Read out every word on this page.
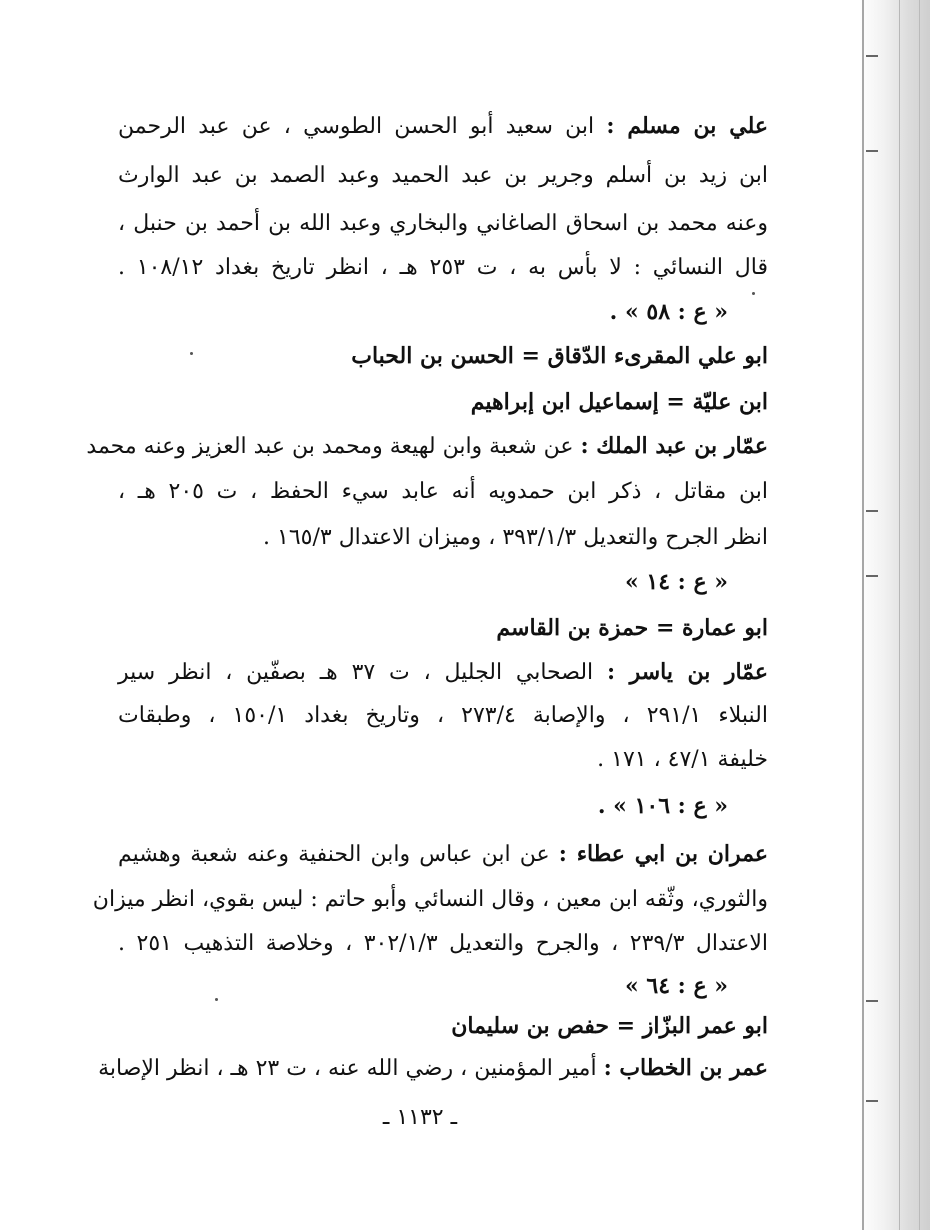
علي بن مسلم : ابن سعيد أبو الحسن الطوسي ، عن عبد الرحمن
ابن زيد بن أسلم وجرير بن عبد الحميد وعبد الصمد بن عبد الوارث
وعنه محمد بن اسحاق الصاغاني والبخاري وعبد الله بن أحمد بن حنبل ،
قال النسائي : لا بأس به ، ت ٢٥٣ هـ ، انظر تاريخ بغداد ١٠٨/١٢ .
« ع : ٥٨ » .
ابو علي المقرىء الدّقاق = الحسن بن الحباب
ابن عليّة = إسماعيل ابن إبراهيم
عمّار بن عبد الملك : عن شعبة وابن لهيعة ومحمد بن عبد العزيز وعنه محمد
ابن مقاتل ، ذكر ابن حمدويه أنه عابد سيء الحفظ ، ت ٢٠٥ هـ ،
انظر الجرح والتعديل ٣٩٣/١/٣ ، وميزان الاعتدال ١٦٥/٣ .
« ع : ١٤ »
ابو عمارة = حمزة بن القاسم
عمّار بن ياسر : الصحابي الجليل ، ت ٣٧ هـ بصفّين ، انظر سير
النبلاء ٢٩١/١ ، والإصابة ٢٧٣/٤ ، وتاريخ بغداد ١٥٠/١ ، وطبقات
خليفة ٤٧/١ ، ١٧١ .
« ع : ١٠٦ » .
عمران بن ابي عطاء : عن ابن عباس وابن الحنفية وعنه شعبة وهشيم
والثوري، وثّقه ابن معين ، وقال النسائي وأبو حاتم : ليس بقوي، انظر ميزان
الاعتدال ٢٣٩/٣ ، والجرح والتعديل ٣٠٢/١/٣ ، وخلاصة التذهيب ٢٥١ .
« ع : ٦٤ »
ابو عمر البزّاز = حفص بن سليمان
عمر بن الخطاب : أمير المؤمنين ، رضي الله عنه ، ت ٢٣ هـ ، انظر الإصابة
ـ ١١٣٢ ـ
